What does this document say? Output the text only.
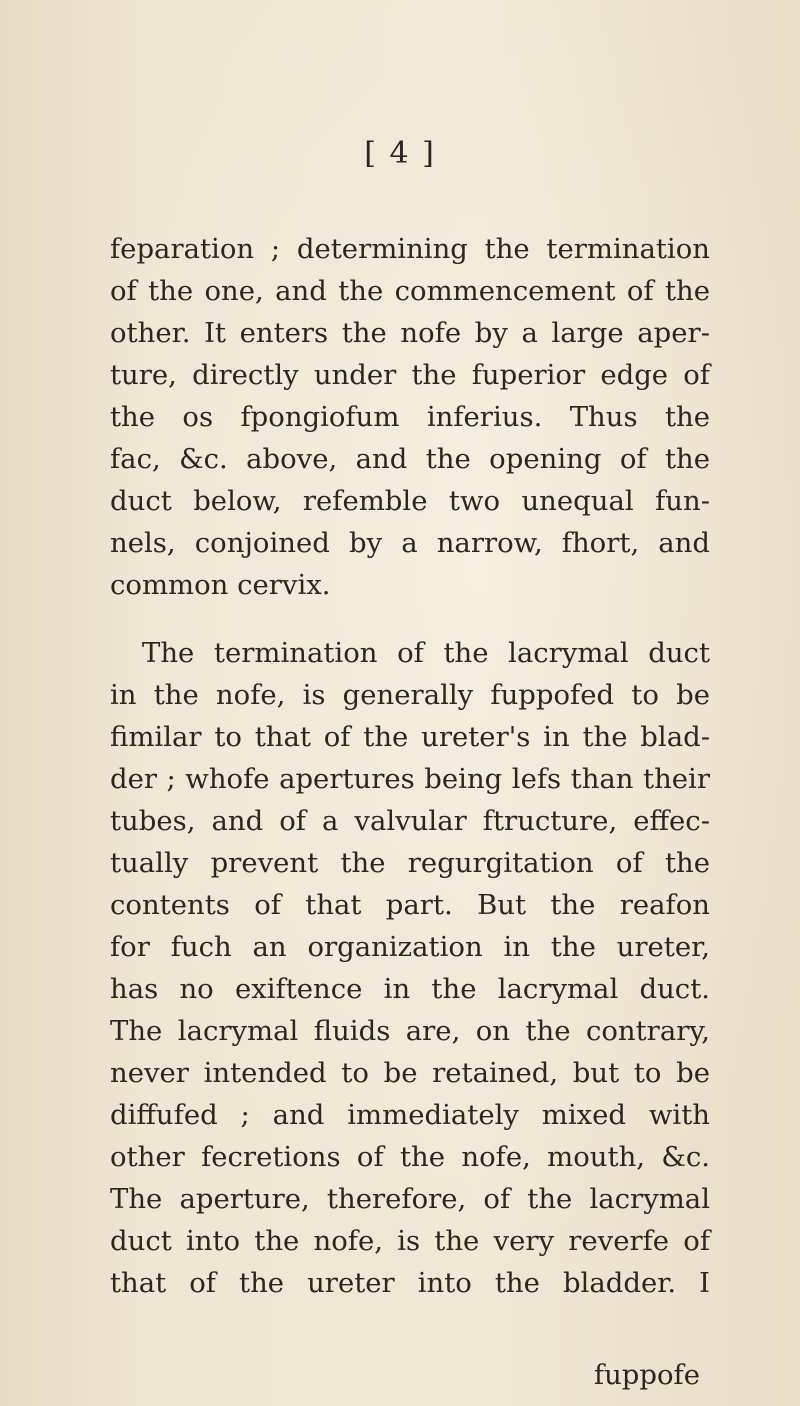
[ 4 ]
feparation ; determining the termination
of the one, and the commencement of the
other. It enters the nofe by a large aper-
ture, directly under the fuperior edge of
the os fpongiofum inferius. Thus the
fac, &c. above, and the opening of the
duct below, refemble two unequal fun-
nels, conjoined by a narrow, fhort, and
common cervix.
The termination of the lacrymal duct
in the nofe, is generally fuppofed to be
fimilar to that of the ureter's in the blad-
der ; whofe apertures being lefs than their
tubes, and of a valvular ftructure, effec-
tually prevent the regurgitation of the
contents of that part. But the reafon
for fuch an organization in the ureter,
has no exiftence in the lacrymal duct.
The lacrymal fluids are, on the contrary,
never intended to be retained, but to be
diffufed ; and immediately mixed with
other fecretions of the nofe, mouth, &c.
The aperture, therefore, of the lacrymal
duct into the nofe, is the very reverfe of
that of the ureter into the bladder. I
fuppofe
